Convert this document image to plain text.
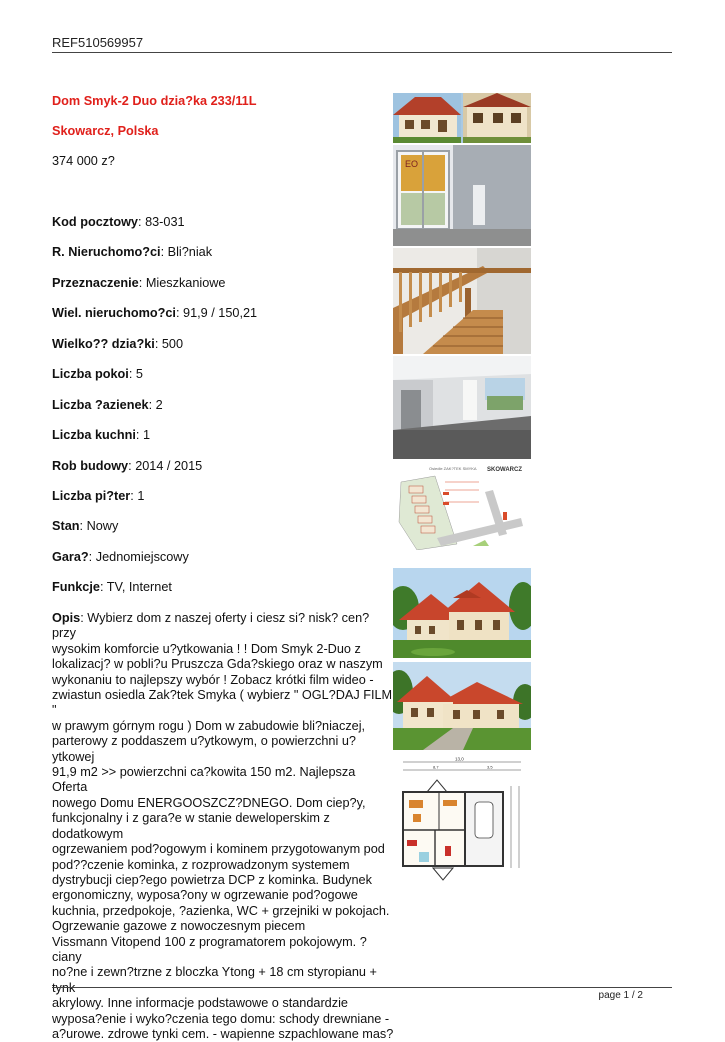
REF510569957
Dom Smyk-2 Duo dzia?ka 233/11L
Skowarcz, Polska
374 000 z?
Kod pocztowy: 83-031
R. Nieruchomo?ci: Bli?niak
Przeznaczenie: Mieszkaniowe
Wiel. nieruchomo?ci: 91,9 / 150,21
Wielko?? dzia?ki: 500
Liczba pokoi: 5
Liczba ?azienek: 2
Liczba kuchni: 1
Rob budowy: 2014 / 2015
Liczba pi?ter: 1
Stan: Nowy
Gara?: Jednomiejscowy
Funkcje: TV, Internet
Opis: Wybierz dom z naszej oferty i ciesz si? nisk? cen? przy
wysokim komforcie u?ytkowania ! ! Dom Smyk 2-Duo z
lokalizacj? w pobli?u Pruszcza Gda?skiego oraz w naszym
wykonaniu to najlepszy wybór ! Zobacz krótki film wideo -
zwiastun osiedla Zak?tek Smyka ( wybierz " OGL?DAJ FILM "
w prawym górnym rogu ) Dom w zabudowie bli?niaczej,
parterowy z poddaszem u?ytkowym, o powierzchni u?ytkowej
91,9 m2 >> powierzchni ca?kowita 150 m2. Najlepsza Oferta
nowego Domu ENERGOOSZCZ?DNEGO. Dom ciep?y,
funkcjonalny i z gara?e w stanie deweloperskim z dodatkowym
ogrzewaniem pod?ogowym i kominem przygotowanym pod
pod??czenie kominka, z rozprowadzonym systemem
dystrybucji ciep?ego powietrza DCP z kominka. Budynek
ergonomiczny, wyposa?ony w ogrzewanie pod?ogowe
kuchnia, przedpokoje, ?azienka, WC + grzejniki w pokojach.
Ogrzewanie gazowe z nowoczesnym piecem
Vissmann Vitopend 100 z programatorem pokojowym. ?ciany
no?ne i zewn?trzne z bloczka Ytong + 18 cm styropianu + tynk
akrylowy. Inne informacje podstawowe o standardzie
wyposa?enie i wyko?czenia tego domu: schody drewniane -
a?urowe. zdrowe tynki cem. - wapienne szpachlowane mas?
EO
Osiedle ZAK?TEK SMYKA SKOWARCZ
13,0
8,7	3,5
page 1 / 2
